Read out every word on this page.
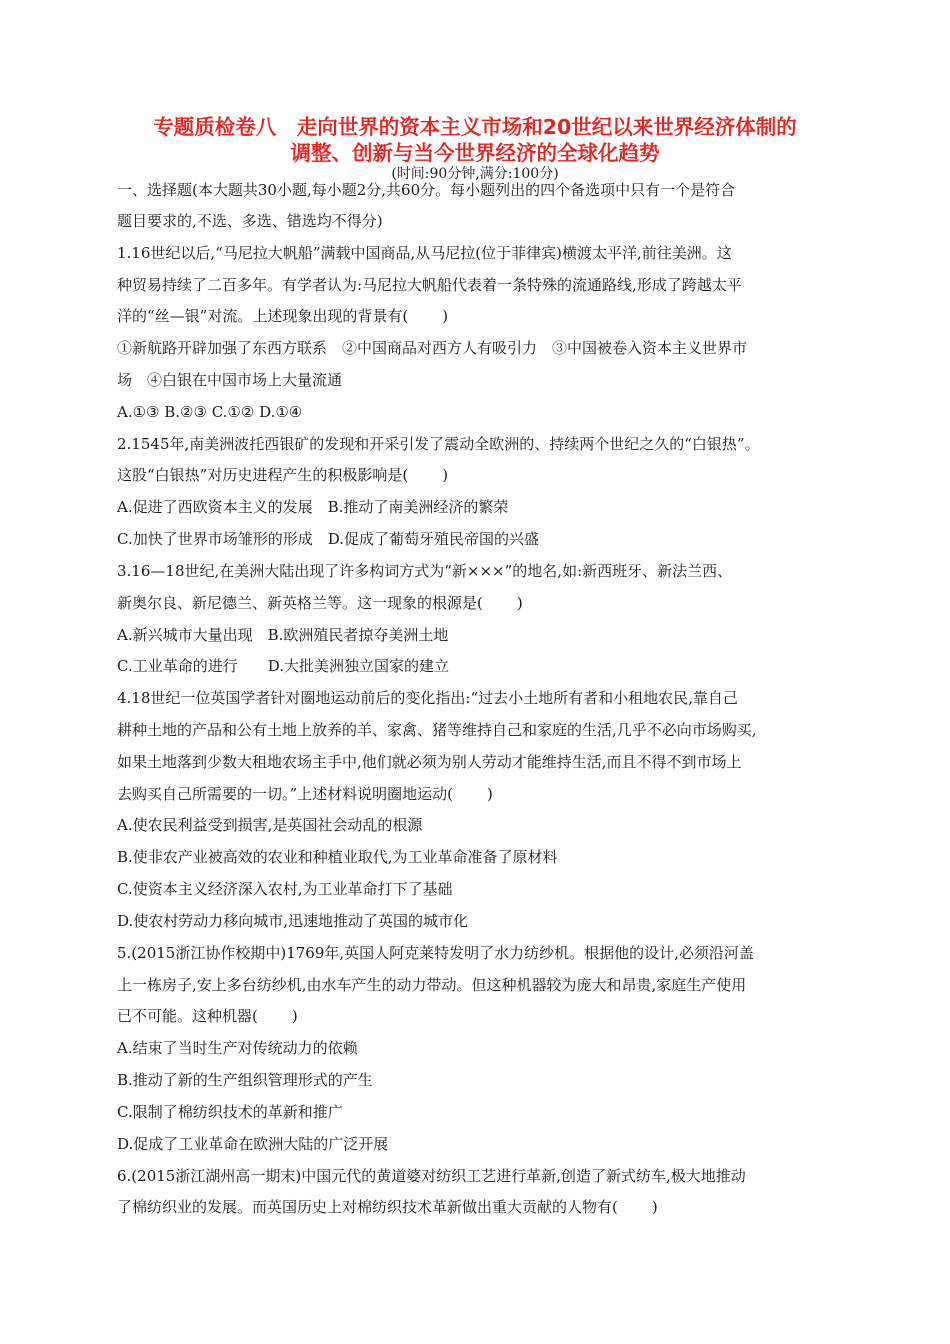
专题质检卷八　走向世界的资本主义市场和20世纪以来世界经济体制的
调整、创新与当今世界经济的全球化趋势
(时间:90分钟,满分:100分)
一、选择题(本大题共30小题,每小题2分,共60分。每小题列出的四个备选项中只有一个是符合
题目要求的,不选、多选、错选均不得分)
1.16世纪以后,“马尼拉大帆船”满载中国商品,从马尼拉(位于菲律宾)横渡太平洋,前往美洲。这
种贸易持续了二百多年。有学者认为:马尼拉大帆船代表着一条特殊的流通路线,形成了跨越太平
洋的“丝—银”对流。上述现象出现的背景有( )
①新航路开辟加强了东西方联系　②中国商品对西方人有吸引力　③中国被卷入资本主义世界市
场　④白银在中国市场上大量流通
A.①③ B.②③ C.①② D.①④
2.1545年,南美洲波托西银矿的发现和开采引发了震动全欧洲的、持续两个世纪之久的“白银热”。
这股“白银热”对历史进程产生的积极影响是( )
A.促进了西欧资本主义的发展　B.推动了南美洲经济的繁荣
C.加快了世界市场雏形的形成　D.促成了葡萄牙殖民帝国的兴盛
3.16—18世纪,在美洲大陆出现了许多构词方式为“新×××”的地名,如:新西班牙、新法兰西、
新奥尔良、新尼德兰、新英格兰等。这一现象的根源是( )
A.新兴城市大量出现　B.欧洲殖民者掠夺美洲土地
C.工业革命的进行　　D.大批美洲独立国家的建立
4.18世纪一位英国学者针对圈地运动前后的变化指出:“过去小土地所有者和小租地农民,靠自己
耕种土地的产品和公有土地上放养的羊、家禽、猪等维持自己和家庭的生活,几乎不必向市场购买,
如果土地落到少数大租地农场主手中,他们就必须为别人劳动才能维持生活,而且不得不到市场上
去购买自己所需要的一切。”上述材料说明圈地运动( )
A.使农民利益受到损害,是英国社会动乱的根源
B.使非农产业被高效的农业和种植业取代,为工业革命准备了原材料
C.使资本主义经济深入农村,为工业革命打下了基础
D.使农村劳动力移向城市,迅速地推动了英国的城市化
5.(2015浙江协作校期中)1769年,英国人阿克莱特发明了水力纺纱机。根据他的设计,必须沿河盖
上一栋房子,安上多台纺纱机,由水车产生的动力带动。但这种机器较为庞大和昂贵,家庭生产使用
已不可能。这种机器( )
A.结束了当时生产对传统动力的依赖
B.推动了新的生产组织管理形式的产生
C.限制了棉纺织技术的革新和推广
D.促成了工业革命在欧洲大陆的广泛开展
6.(2015浙江湖州高一期末)中国元代的黄道婆对纺织工艺进行革新,创造了新式纺车,极大地推动
了棉纺织业的发展。而英国历史上对棉纺织技术革新做出重大贡献的人物有( )
